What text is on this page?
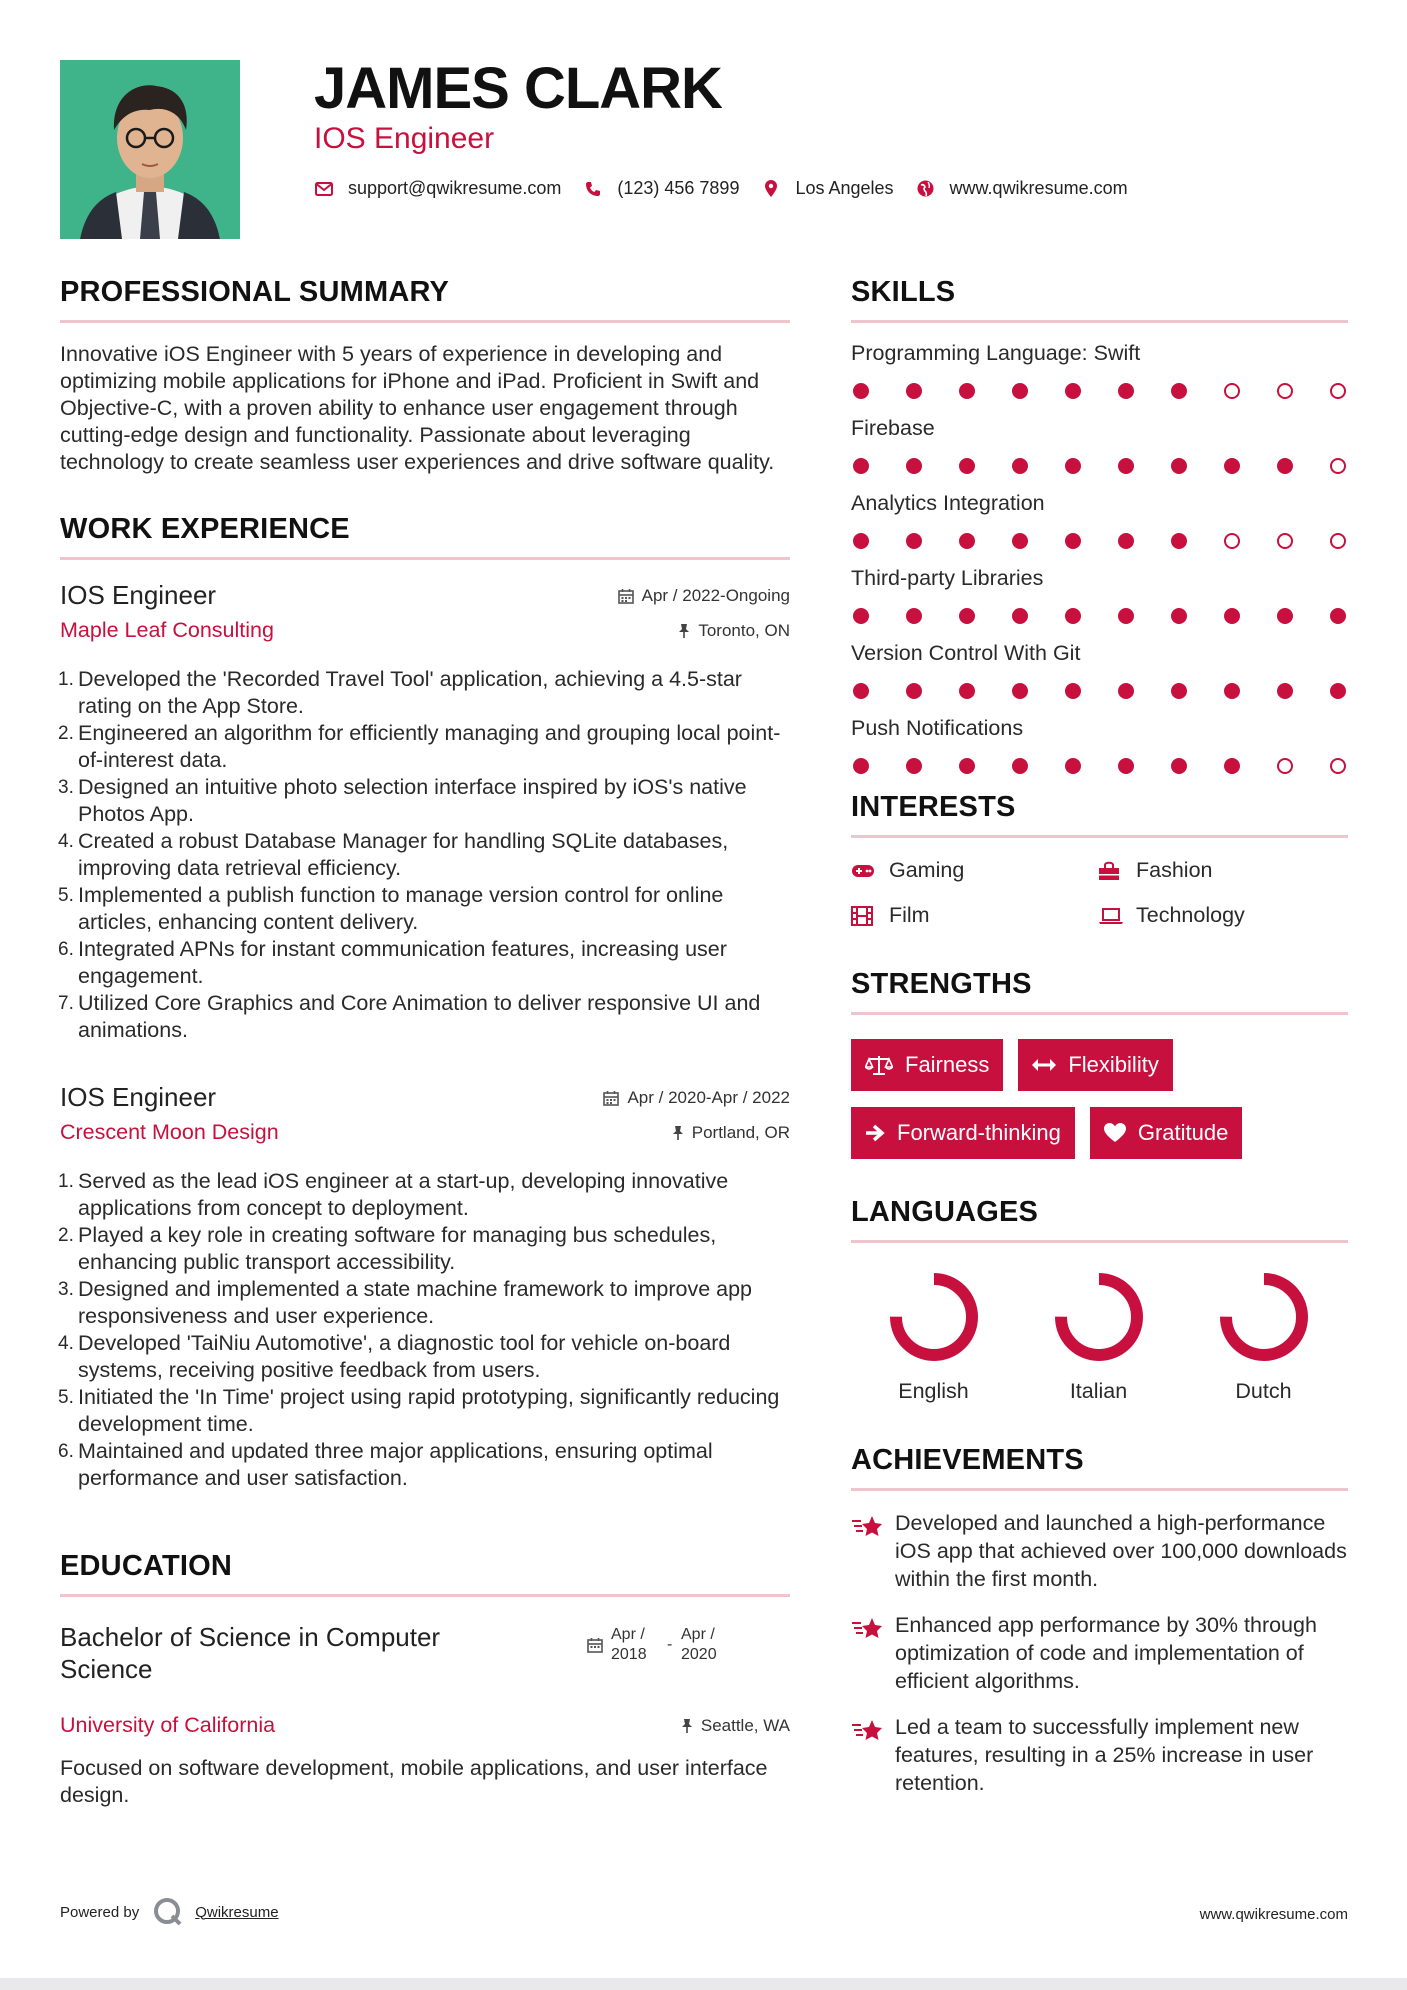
JAMES CLARK
IOS Engineer
support@qwikresume.com	(123) 456 7899	Los Angeles	www.qwikresume.com
PROFESSIONAL SUMMARY

Innovative iOS Engineer with 5 years of experience in developing and optimizing mobile applications for iPhone and iPad. Proficient in Swift and Objective-C, with a proven ability to enhance user engagement through cutting-edge design and functionality. Passionate about leveraging technology to create seamless user experiences and drive software quality.

WORK EXPERIENCE
IOS Engineer
Maple Leaf Consulting
Apr / 2022-Ongoing
Toronto, ON
1. Developed the 'Recorded Travel Tool' application, achieving a 4.5-star rating on the App Store.
2. Engineered an algorithm for efficiently managing and grouping local point-of-interest data.
3. Designed an intuitive photo selection interface inspired by iOS's native Photos App.
4. Created a robust Database Manager for handling SQLite databases, improving data retrieval efficiency.
5. Implemented a publish function to manage version control for online articles, enhancing content delivery.
6. Integrated APNs for instant communication features, increasing user engagement.
7. Utilized Core Graphics and Core Animation to deliver responsive UI and animations.
IOS Engineer
Crescent Moon Design
Apr / 2020-Apr / 2022
Portland, OR
1. Served as the lead iOS engineer at a start-up, developing innovative applications from concept to deployment.
2. Played a key role in creating software for managing bus schedules, enhancing public transport accessibility.
3. Designed and implemented a state machine framework to improve app responsiveness and user experience.
4. Developed 'TaiNiu Automotive', a diagnostic tool for vehicle on-board systems, receiving positive feedback from users.
5. Initiated the 'In Time' project using rapid prototyping, significantly reducing development time.
6. Maintained and updated three major applications, ensuring optimal performance and user satisfaction.
EDUCATION
Bachelor of Science in Computer Science
University of California
Apr / 2018
-
Apr / 2020
Seattle, WA

Focused on software development, mobile applications, and user interface design.

SKILLS
Programming Language: Swift
Firebase
Analytics Integration
Third-party Libraries
Version Control With Git
Push Notifications
INTERESTS
Gaming	Fashion
Film	Technology
STRENGTHS
Fairness	Flexibility
Forward-thinking	Gratitude
LANGUAGES
English	Italian	Dutch
ACHIEVEMENTS
Developed and launched a high-performance iOS app that achieved over 100,000 downloads within the first month.
Enhanced app performance by 30% through optimization of code and implementation of efficient algorithms.
Led a team to successfully implement new features, resulting in a 25% increase in user retention.
Powered by	Qwikresume	www.qwikresume.com
